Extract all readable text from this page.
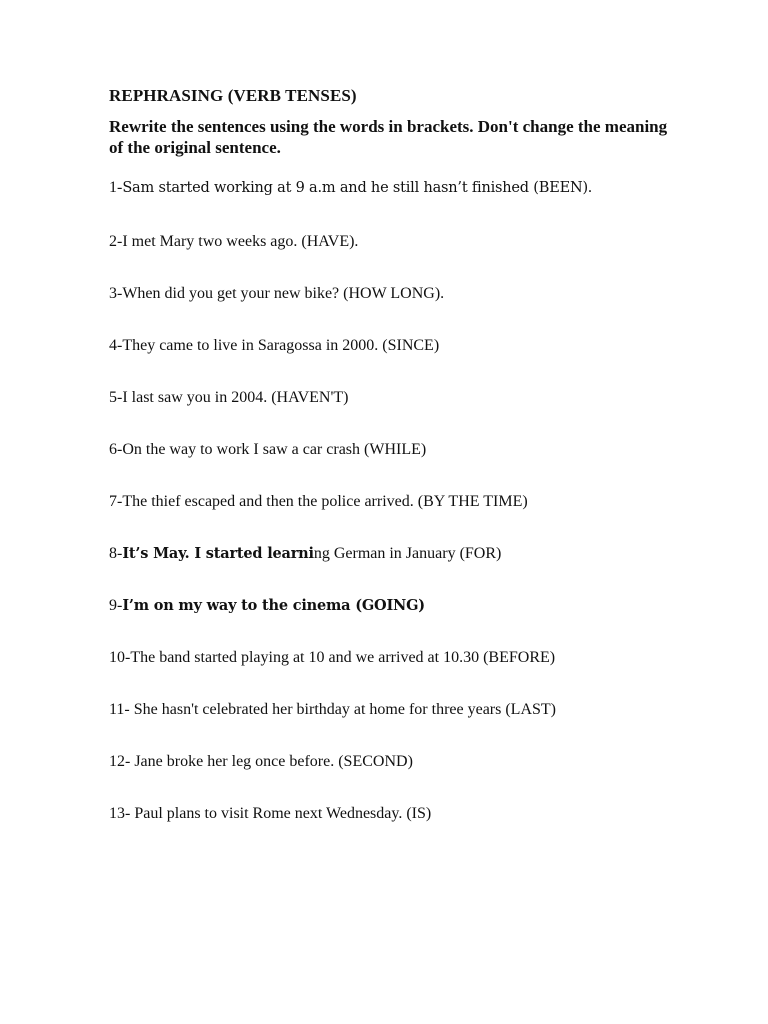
REPHRASING (VERB TENSES)
Rewrite the sentences using the words in brackets. Don't change the meaning of the original sentence.
1-Sam started working at 9 a.m and he still hasn’t finished (BEEN).
2-I met Mary two weeks ago. (HAVE).
3-When did you get your new bike? (HOW LONG).
4-They came to live in Saragossa in 2000. (SINCE)
5-I last saw you in 2004. (HAVEN'T)
6-On the way to work I saw a car crash (WHILE)
7-The thief escaped and then the police arrived. (BY THE TIME)
8-It’s May. I started learning German in January (FOR)
9-I’m on my way to the cinema (GOING)
10-The band started playing at 10 and we arrived at 10.30 (BEFORE)
11- She hasn't celebrated her birthday at home for three years (LAST)
12- Jane broke her leg once before. (SECOND)
13- Paul plans to visit Rome next Wednesday. (IS)
